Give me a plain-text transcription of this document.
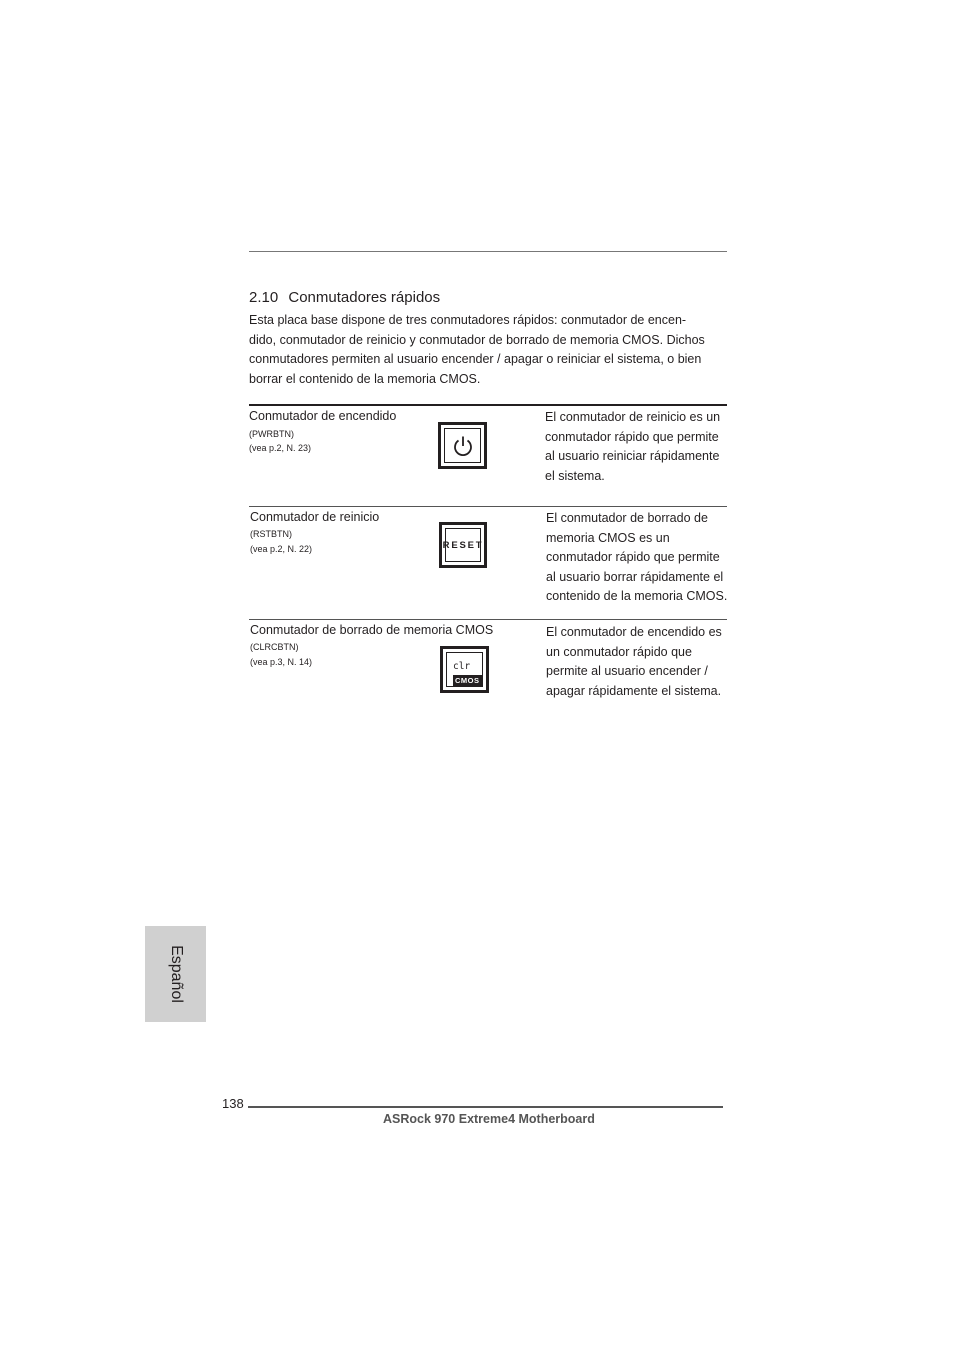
2.10 Conmutadores rápidos

Esta placa base dispone de tres conmutadores rápidos: conmutador de encen-

dido, conmutador de reinicio y conmutador de borrado de memoria CMOS. Dichos

conmutadores permiten al usuario encender / apagar o reiniciar el sistema, o bien

borrar el contenido de la memoria CMOS.

Conmutador de encendido
(PWRBTN)
(vea p.2, N. 23)

El conmutador de reinicio es un

conmutador rápido que permite

al usuario reiniciar rápidamente

el sistema.

Conmutador de reinicio
(RSTBTN)
(vea p.2, N. 22)	RESET

El conmutador de borrado de

memoria CMOS es un

conmutador rápido que permite

al usuario borrar rápidamente el

contenido de la memoria CMOS.

Conmutador de borrado de memoria CMOS
(CLRCBTN)
(vea p.3, N. 14)	clr
CMOS

El conmutador de encendido es

un conmutador rápido que

permite al usuario encender /

apagar rápidamente el sistema.

Español
138
ASRock 970 Extreme4 Motherboard
